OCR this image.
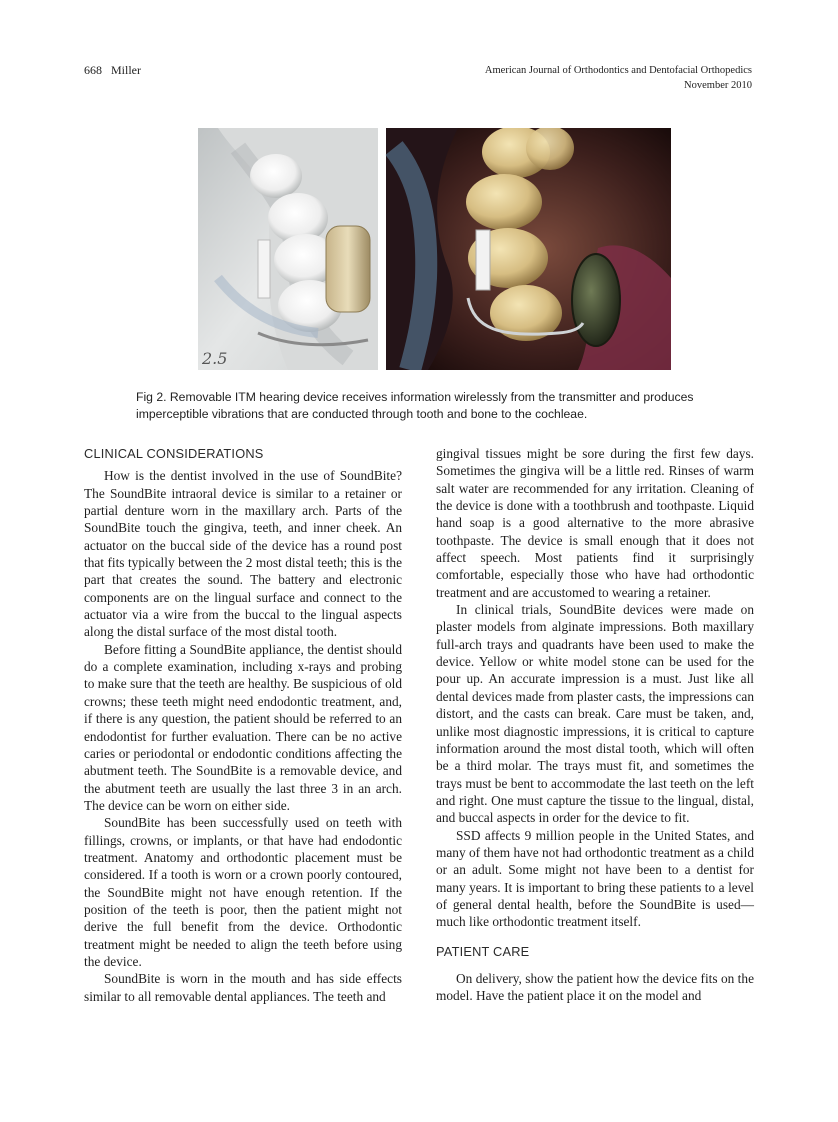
668 Miller	American Journal of Orthodontics and Dentofacial Orthopedics
November 2010
2.5
Fig 2. Removable ITM hearing device receives information wirelessly from the transmitter and produces imperceptible vibrations that are conducted through tooth and bone to the cochleae.
CLINICAL CONSIDERATIONS

How is the dentist involved in the use of SoundBite? The SoundBite intraoral device is similar to a retainer or partial denture worn in the maxillary arch. Parts of the SoundBite touch the gingiva, teeth, and inner cheek. An actuator on the buccal side of the device has a round post that fits typically between the 2 most distal teeth; this is the part that creates the sound. The battery and electronic components are on the lingual surface and connect to the actuator via a wire from the buccal to the lingual aspects along the distal surface of the most distal tooth.

Before fitting a SoundBite appliance, the dentist should do a complete examination, including x-rays and probing to make sure that the teeth are healthy. Be suspicious of old crowns; these teeth might need endodontic treatment, and, if there is any question, the patient should be referred to an endodontist for further evaluation. There can be no active caries or periodontal or endodontic conditions affecting the abutment teeth. The SoundBite is a removable device, and the abutment teeth are usually the last three 3 in an arch. The device can be worn on either side.

SoundBite has been successfully used on teeth with fillings, crowns, or implants, or that have had endodontic treatment. Anatomy and orthodontic placement must be considered. If a tooth is worn or a crown poorly contoured, the SoundBite might not have enough retention. If the position of the teeth is poor, then the patient might not derive the full benefit from the device. Orthodontic treatment might be needed to align the teeth before using the device.

SoundBite is worn in the mouth and has side effects similar to all removable dental appliances. The teeth and

gingival tissues might be sore during the first few days. Sometimes the gingiva will be a little red. Rinses of warm salt water are recommended for any irritation. Cleaning of the device is done with a toothbrush and toothpaste. Liquid hand soap is a good alternative to the more abrasive toothpaste. The device is small enough that it does not affect speech. Most patients find it surprisingly comfortable, especially those who have had orthodontic treatment and are accustomed to wearing a retainer.

In clinical trials, SoundBite devices were made on plaster models from alginate impressions. Both maxillary full-arch trays and quadrants have been used to make the device. Yellow or white model stone can be used for the pour up. An accurate impression is a must. Just like all dental devices made from plaster casts, the impressions can distort, and the casts can break. Care must be taken, and, unlike most diagnostic impressions, it is critical to capture information around the most distal tooth, which will often be a third molar. The trays must fit, and sometimes the trays must be bent to accommodate the last teeth on the left and right. One must capture the tissue to the lingual, distal, and buccal aspects in order for the device to fit.

SSD affects 9 million people in the United States, and many of them have not had orthodontic treatment as a child or an adult. Some might not have been to a dentist for many years. It is important to bring these patients to a level of general dental health, before the SoundBite is used—much like orthodontic treatment itself.

PATIENT CARE

On delivery, show the patient how the device fits on the model. Have the patient place it on the model and
